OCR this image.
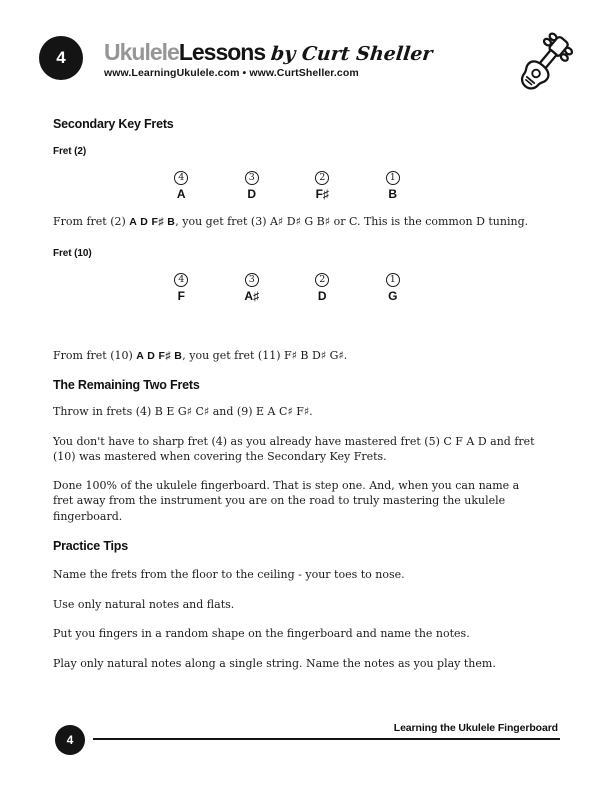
4 UkuleleLessons by Curt Sheller
www.LearningUkulele.com • www.CurtSheller.com
Secondary Key Frets
Fret (2)
4
A
3
D
2
F♯
1
B

From fret (2) A D F♯ B, you get fret (3) A♯ D♯ G B♯ or C. This is the common D tuning.

Fret (10)
4
F
3
A♯
2
D
1
G

From fret (10) A D F♯ B, you get fret (11) F♯ B D♯ G♯.

The Remaining Two Frets

Throw in frets (4) B E G♯ C♯ and (9) E A C♯ F♯.

You don't have to sharp fret (4) as you already have mastered fret (5) C F A D and fret
(10) was mastered when covering the Secondary Key Frets.

Done 100% of the ukulele fingerboard. That is step one. And, when you can name a
fret away from the instrument you are on the road to truly mastering the ukulele
fingerboard.

Practice Tips

Name the frets from the floor to the ceiling - your toes to nose.

Use only natural notes and flats.

Put you fingers in a random shape on the fingerboard and name the notes.

Play only natural notes along a single string. Name the notes as you play them.

4
Learning the Ukulele Fingerboard
